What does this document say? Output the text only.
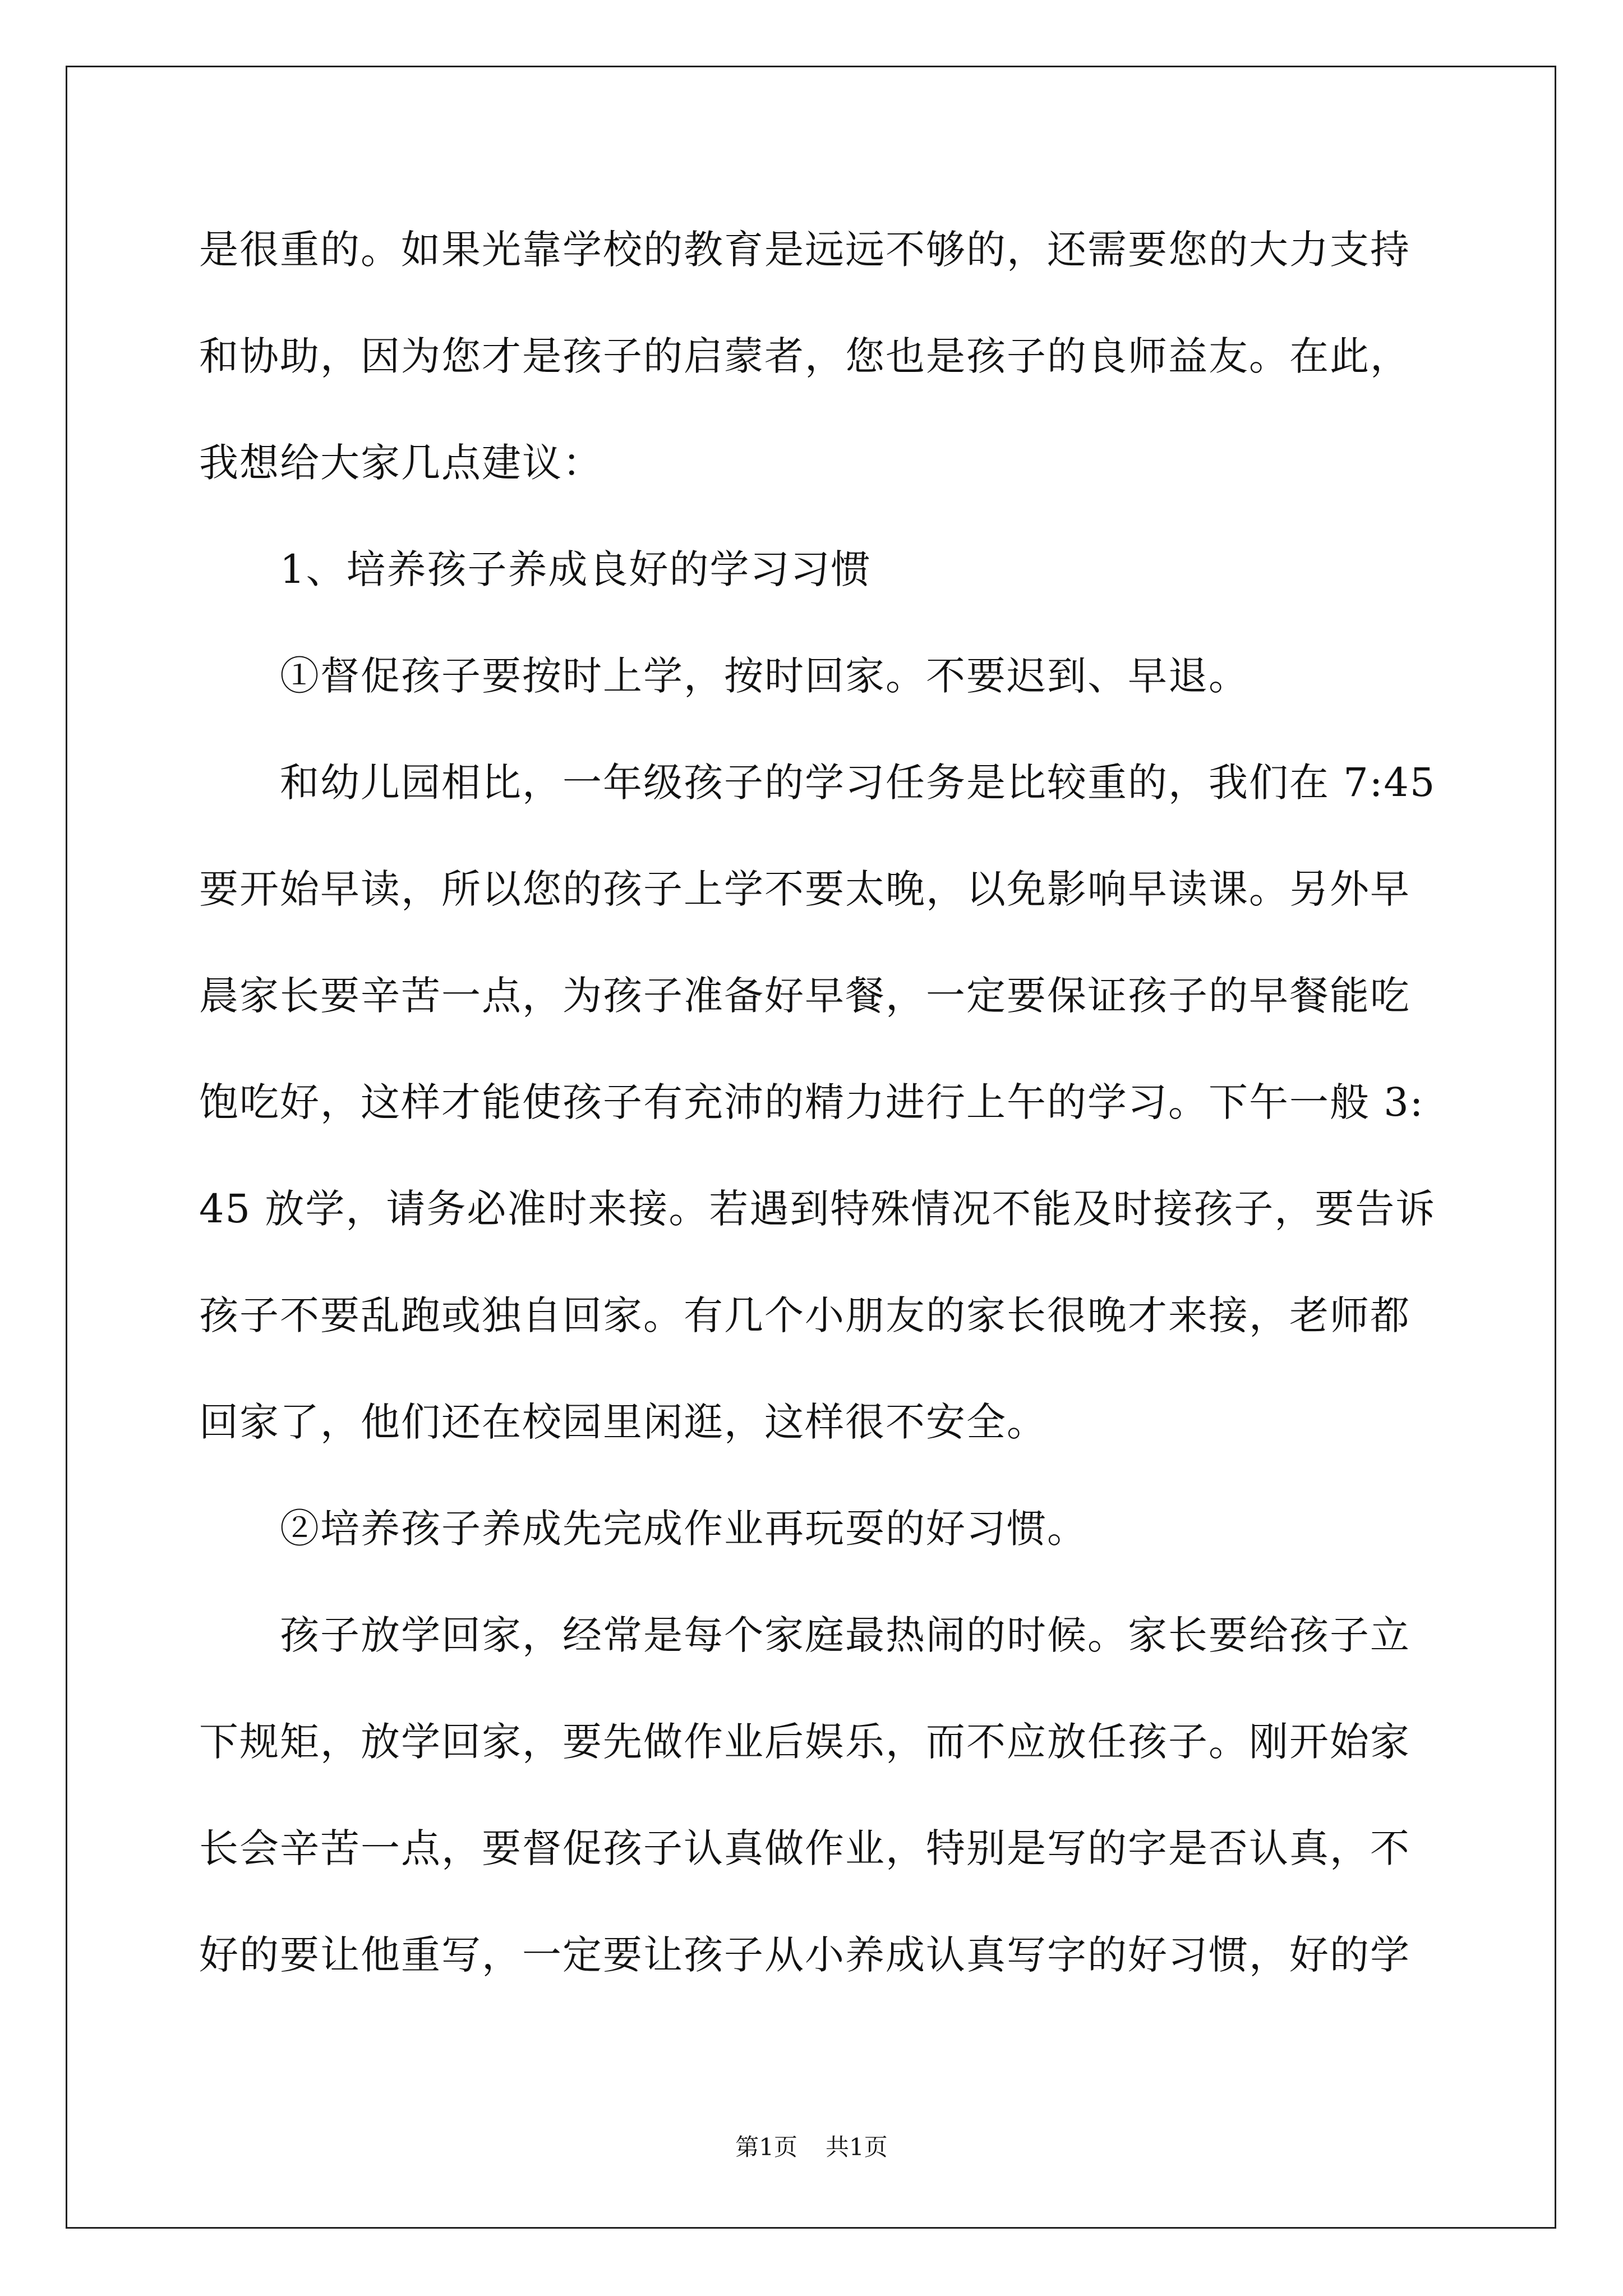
是很重的。如果光靠学校的教育是远远不够的，还需要您的大力支持
和协助，因为您才是孩子的启蒙者，您也是孩子的良师益友。在此，
我想给大家几点建议：
1、培养孩子养成良好的学习习惯
①督促孩子要按时上学，按时回家。不要迟到、早退。
和幼儿园相比，一年级孩子的学习任务是比较重的，我们在 7:45
要开始早读，所以您的孩子上学不要太晚，以免影响早读课。另外早
晨家长要辛苦一点，为孩子准备好早餐，一定要保证孩子的早餐能吃
饱吃好，这样才能使孩子有充沛的精力进行上午的学习。下午一般 3:
45 放学，请务必准时来接。若遇到特殊情况不能及时接孩子，要告诉
孩子不要乱跑或独自回家。有几个小朋友的家长很晚才来接，老师都
回家了，他们还在校园里闲逛，这样很不安全。
②培养孩子养成先完成作业再玩耍的好习惯。
孩子放学回家，经常是每个家庭最热闹的时候。家长要给孩子立
下规矩，放学回家，要先做作业后娱乐，而不应放任孩子。刚开始家
长会辛苦一点，要督促孩子认真做作业，特别是写的字是否认真，不
好的要让他重写，一定要让孩子从小养成认真写字的好习惯，好的学
第1页 共1页
